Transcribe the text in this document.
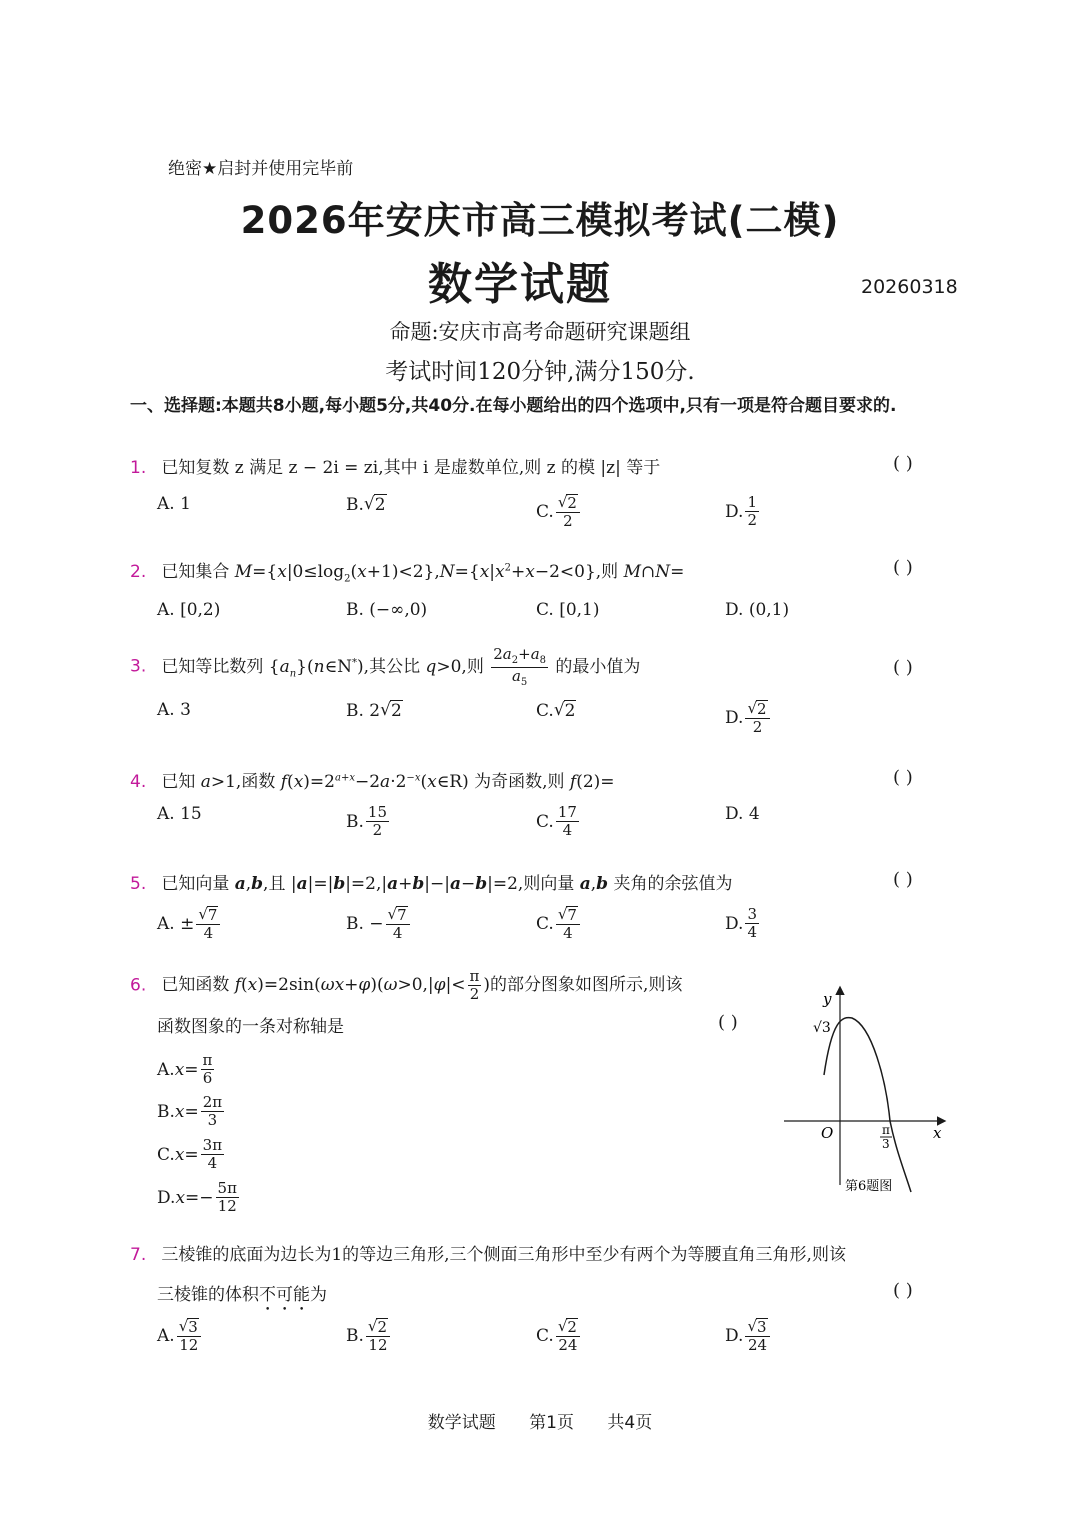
绝密★启封并使用完毕前
2026年安庆市高三模拟考试(二模)
数学试题	20260318
命题:安庆市高考命题研究课题组
考试时间120分钟,满分150分.
一、选择题:本题共8小题,每小题5分,共40分.在每小题给出的四个选项中,只有一项是符合题目要求的.
1. 已知复数 z 满足 z − 2i = zi,其中 i 是虚数单位,则 z 的模 |z| 等于	( )
A. 1	B. √ 2	C. $\frac{√ 2}{2}$	D. $\frac{1}{2}$
2. 已知集合 $M=\{x|0\le\log_2(x+1)<2\},N=\{x|x^2+x-2<0\}$,则 M∩N=	( )
A. [0,2)	B. (−∞,0)	C. [0,1)	D. (0,1)
3. 已知等比数列 $\{a_n\}(n\in N^*)$,其公比 q>0,则 $\frac{2a_2+a_8}{a_5}$ 的最小值为	( )
A. 3	B. 2 √ 2	C. √ 2	D. $\frac{√ 2}{2}$
4. 已知 a>1,函数 $f(x)=2^{a+x}-2a\cdot 2^{-x}(x\in R)$ 为奇函数,则 f(2)=	( )
A. 15	B. $\frac{15}{2}$	C. $\frac{17}{4}$	D. 4
5. 已知向量 a,b,且 |a|=|b|=2,|a+b|−|a−b|=2,则向量 a,b 夹角的余弦值为	( )
A. ± $\frac{√ 7}{4}$	B. − $\frac{√ 7}{4}$	C. $\frac{√ 7}{4}$	D. $\frac{3}{4}$
6. 已知函数 $f(x)=2\sin(\omega x+\varphi)(\omega>0,|\varphi|< \frac{\pi}{2}$ )的部分图象如图所示,则该
函数图象的一条对称轴是	( )
A. $x = \frac{\pi}{6}$
B. $x = \frac{2\pi}{3}$
C. $x = \frac{3\pi}{4}$
D. $x =- \frac{5\pi}{12}$
y
x
O
√3
π
3
第6题图
7. 三棱锥的底面为边长为1的等边三角形,三个侧面三角形中至少有两个为等腰直角三角形,则该
三棱锥的体积不可能为	( )
A. $\frac{√ 3}{12}$	B. $\frac{√ 2}{12}$	C. $\frac{√ 2}{24}$	D. $\frac{√ 3}{24}$
数学试题 第1页 共4页
